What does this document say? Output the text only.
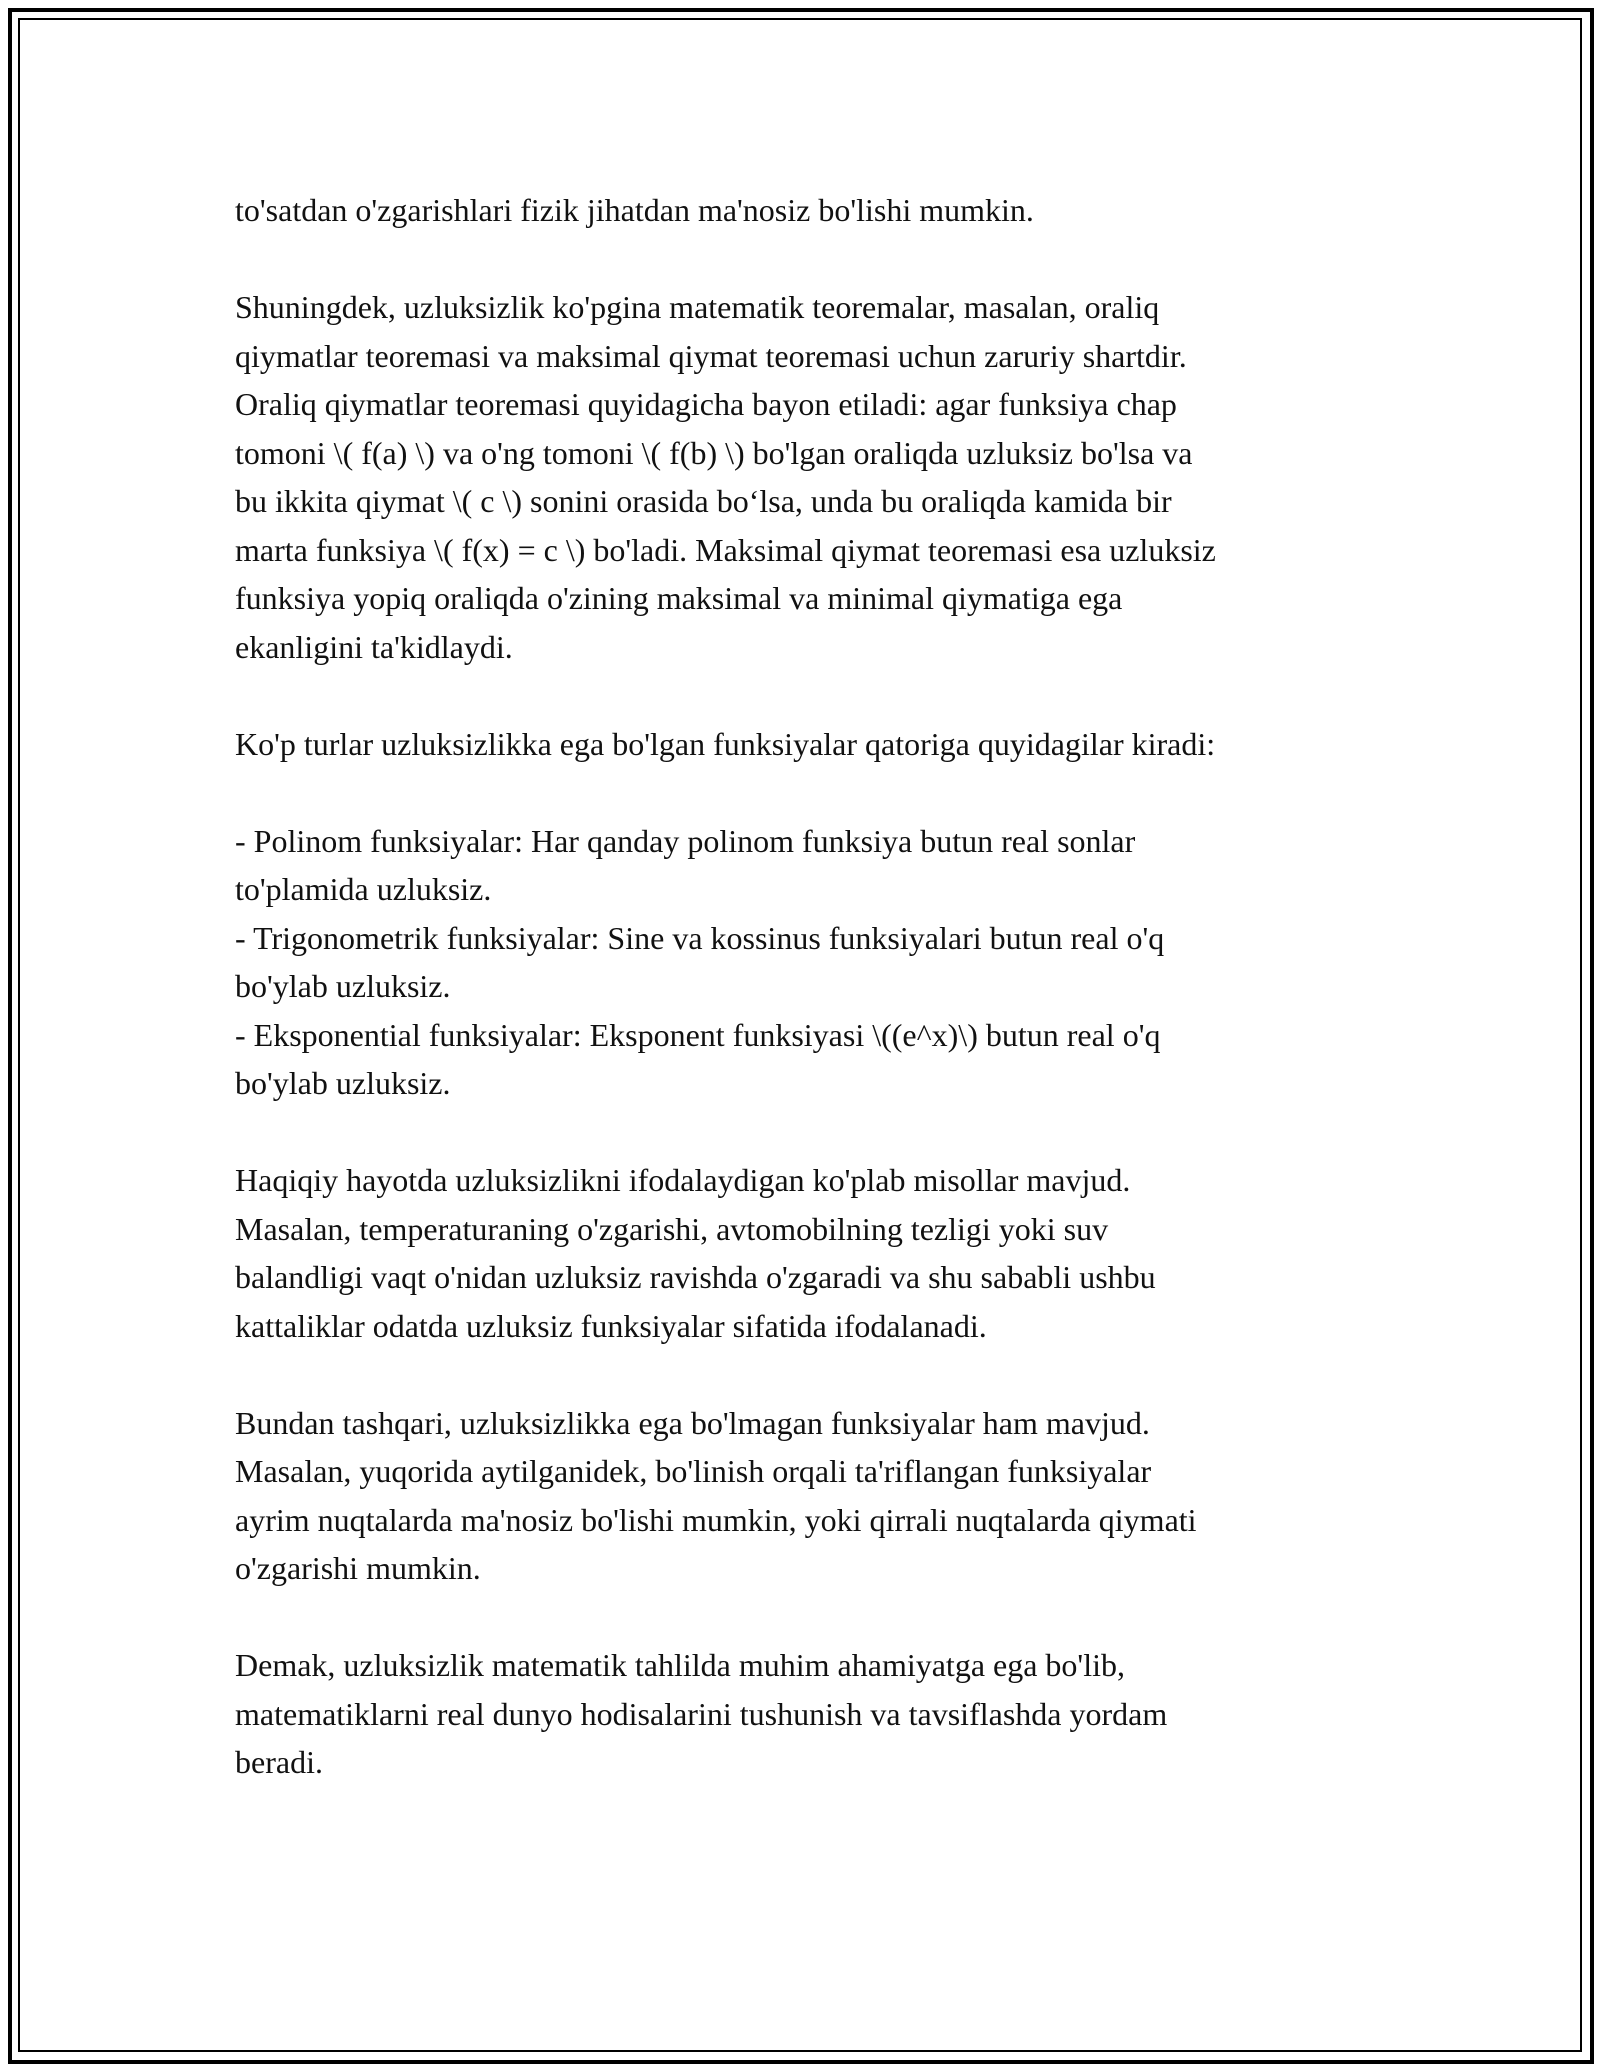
to'satdan o'zgarishlari fizik jihatdan ma'nosiz bo'lishi mumkin.

Shuningdek, uzluksizlik ko'pgina matematik teoremalar, masalan, oraliq
qiymatlar teoremasi va maksimal qiymat teoremasi uchun zaruriy shartdir.
Oraliq qiymatlar teoremasi quyidagicha bayon etiladi: agar funksiya chap
tomoni \( f(a) \) va o'ng tomoni \( f(b) \) bo'lgan oraliqda uzluksiz bo'lsa va
bu ikkita qiymat \( c \) sonini orasida bo‘lsa, unda bu oraliqda kamida bir
marta funksiya \( f(x) = c \) bo'ladi. Maksimal qiymat teoremasi esa uzluksiz
funksiya yopiq oraliqda o'zining maksimal va minimal qiymatiga ega
ekanligini ta'kidlaydi.

Ko'p turlar uzluksizlikka ega bo'lgan funksiyalar qatoriga quyidagilar kiradi:

- Polinom funksiyalar: Har qanday polinom funksiya butun real sonlar
to'plamida uzluksiz.
- Trigonometrik funksiyalar: Sine va kossinus funksiyalari butun real o'q
bo'ylab uzluksiz.
- Eksponential funksiyalar: Eksponent funksiyasi \((e^x)\) butun real o'q
bo'ylab uzluksiz.

Haqiqiy hayotda uzluksizlikni ifodalaydigan ko'plab misollar mavjud.
Masalan, temperaturaning o'zgarishi, avtomobilning tezligi yoki suv
balandligi vaqt o'nidan uzluksiz ravishda o'zgaradi va shu sababli ushbu
kattaliklar odatda uzluksiz funksiyalar sifatida ifodalanadi.

Bundan tashqari, uzluksizlikka ega bo'lmagan funksiyalar ham mavjud.
Masalan, yuqorida aytilganidek, bo'linish orqali ta'riflangan funksiyalar
ayrim nuqtalarda ma'nosiz bo'lishi mumkin, yoki qirrali nuqtalarda qiymati
o'zgarishi mumkin.

Demak, uzluksizlik matematik tahlilda muhim ahamiyatga ega bo'lib,
matematiklarni real dunyo hodisalarini tushunish va tavsiflashda yordam
beradi.
